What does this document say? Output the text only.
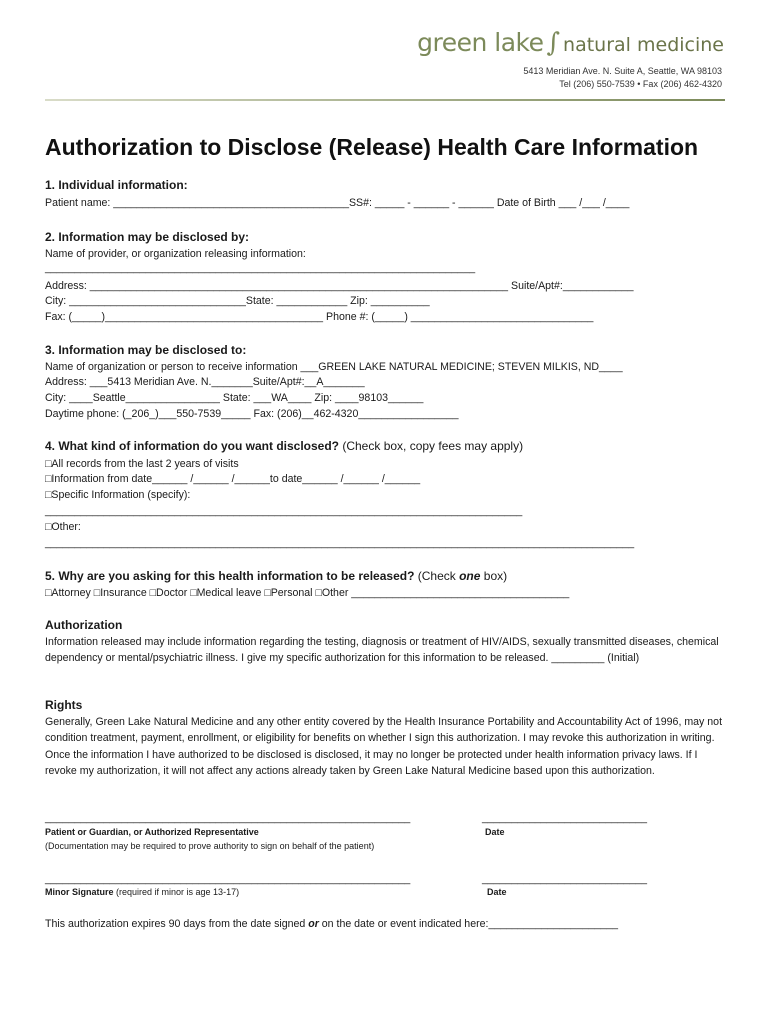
green lake ∫ natural medicine
5413 Meridian Ave. N. Suite A, Seattle, WA 98103
Tel (206) 550-7539 • Fax (206) 462-4320
Authorization to Disclose (Release) Health Care Information
1. Individual information:
Patient name: ________________________________________SS#: _____ - ______ - ______ Date of Birth ___ /___ /____
2. Information may be disclosed by:
Name of provider, or organization releasing information:
_________________________________________________________________________
Address: _______________________________________________________________________ Suite/Apt#:____________
City: ______________________________State: ____________ Zip: __________
Fax: (_____)_____________________________________ Phone #: (_____) _______________________________
3. Information may be disclosed to:
Name of organization or person to receive information ___GREEN LAKE NATURAL MEDICINE; STEVEN MILKIS, ND____
Address: ___5413 Meridian Ave. N._______Suite/Apt#:__A_______
City: ____Seattle________________ State: ___WA____ Zip: ____98103______
Daytime phone: (_206_)___550-7539_____ Fax: (206)__462-4320_________________
4. What kind of information do you want disclosed? (Check box, copy fees may apply)
□All records from the last 2 years of visits
□Information from date______ /______ /______to date______ /______ /______
□Specific Information (specify):
_________________________________________________________________________________
□Other:
____________________________________________________________________________________________________
5. Why are you asking for this health information to be released? (Check one box)
□Attorney □Insurance □Doctor □Medical leave □Personal □Other _____________________________________
Authorization
Information released may include information regarding the testing, diagnosis or treatment of HIV/AIDS, sexually transmitted diseases, chemical dependency or mental/psychiatric illness. I give my specific authorization for this information to be released. _________ (Initial)
Rights
Generally, Green Lake Natural Medicine and any other entity covered by the Health Insurance Portability and Accountability Act of 1996, may not condition treatment, payment, enrollment, or eligibility for benefits on whether I sign this authorization. I may revoke this authorization in writing. Once the information I have authorized to be disclosed is disclosed, it may no longer be protected under health information privacy laws. If I revoke my authorization, it will not affect any actions already taken by Green Lake Natural Medicine based upon this authorization.
______________________________________________________________	____________________________
Patient or Guardian, or Authorized Representative	Date
(Documentation may be required to prove authority to sign on behalf of the patient)
______________________________________________________________	____________________________
Minor Signature (required if minor is age 13-17)	Date
This authorization expires 90 days from the date signed or on the date or event indicated here:______________________
